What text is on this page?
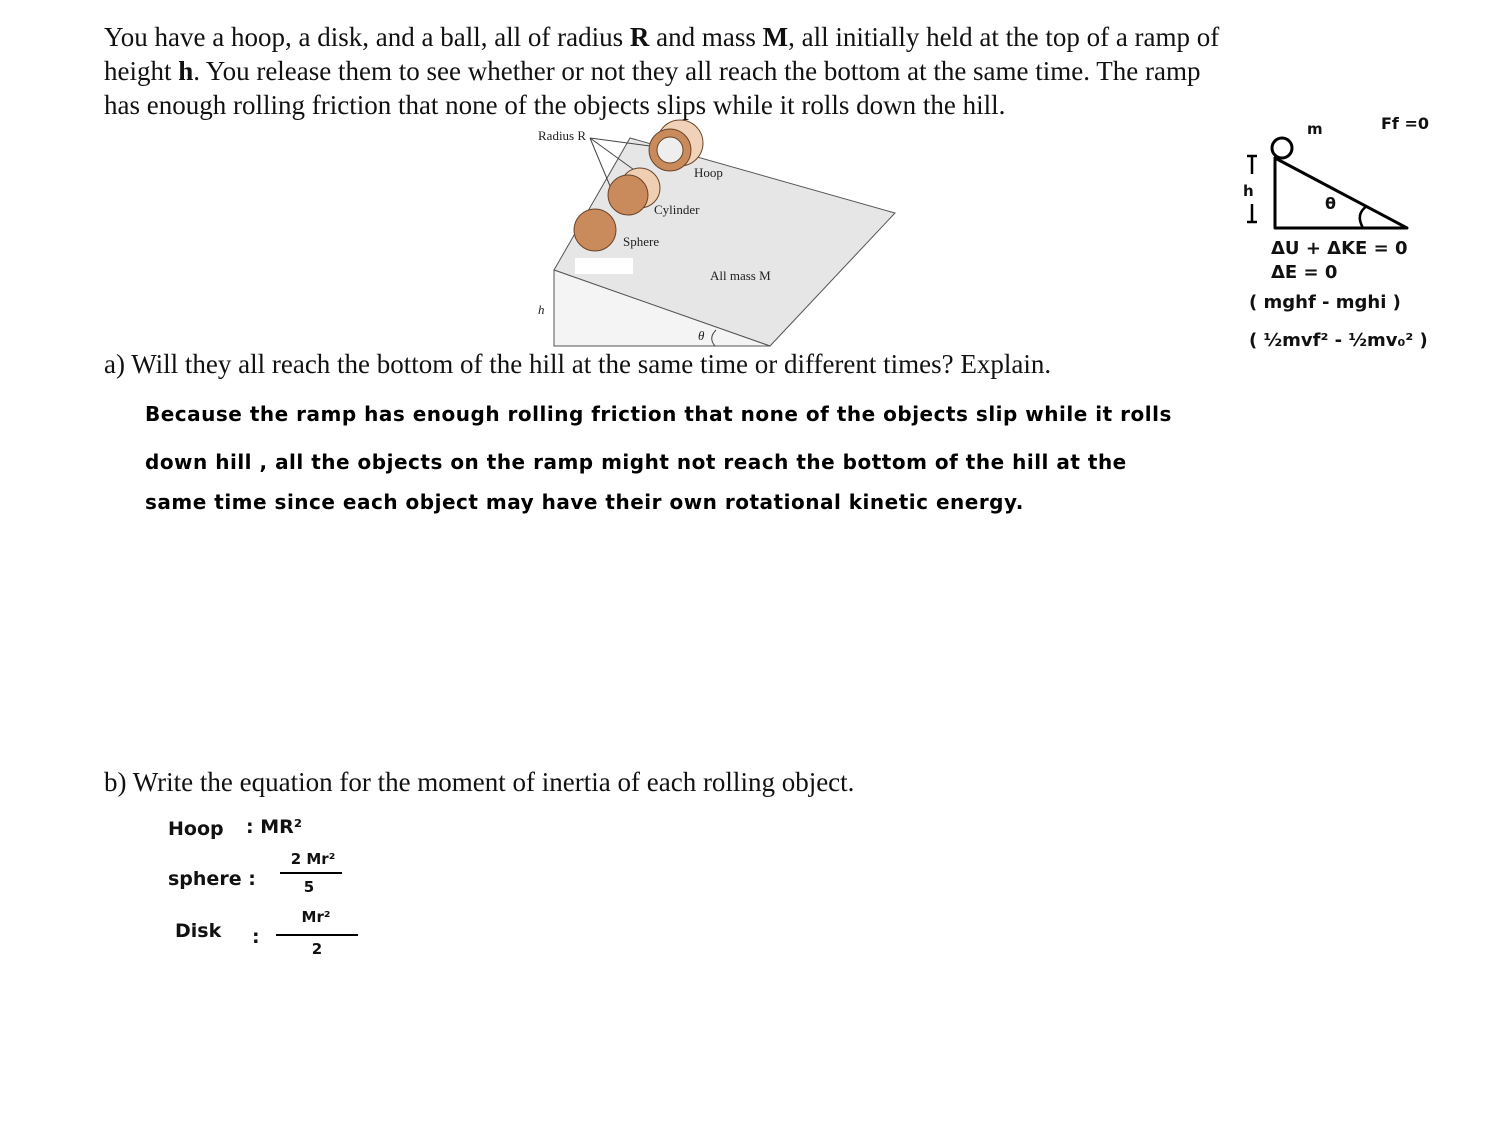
You have a hoop, a disk, and a ball, all of radius R and mass M, all initially held at the top of a ramp of
height h. You release them to see whether or not they all reach the bottom at the same time. The ramp
has enough rolling friction that none of the objects slips while it rolls down the hill.

Radius R
Hoop
Cylinder
Sphere
All mass M
h
θ
m	Ff =0
h
θ
ΔU + ΔKE = 0
ΔE = 0
( mghf - mghi )
( ½mvf² - ½mv₀² )

a) Will they all reach the bottom of the hill at the same time or different times? Explain.

Because the ramp has enough rolling friction that none of the objects slip while it rolls
down hill , all the objects on the ramp might not reach the bottom of the hill at the
same time since each object may have their own rotational kinetic energy.

b) Write the equation for the moment of inertia of each rolling object.

Hoop : MR²
sphere :
2 Mr²
5
Disk :
Mr²
2
